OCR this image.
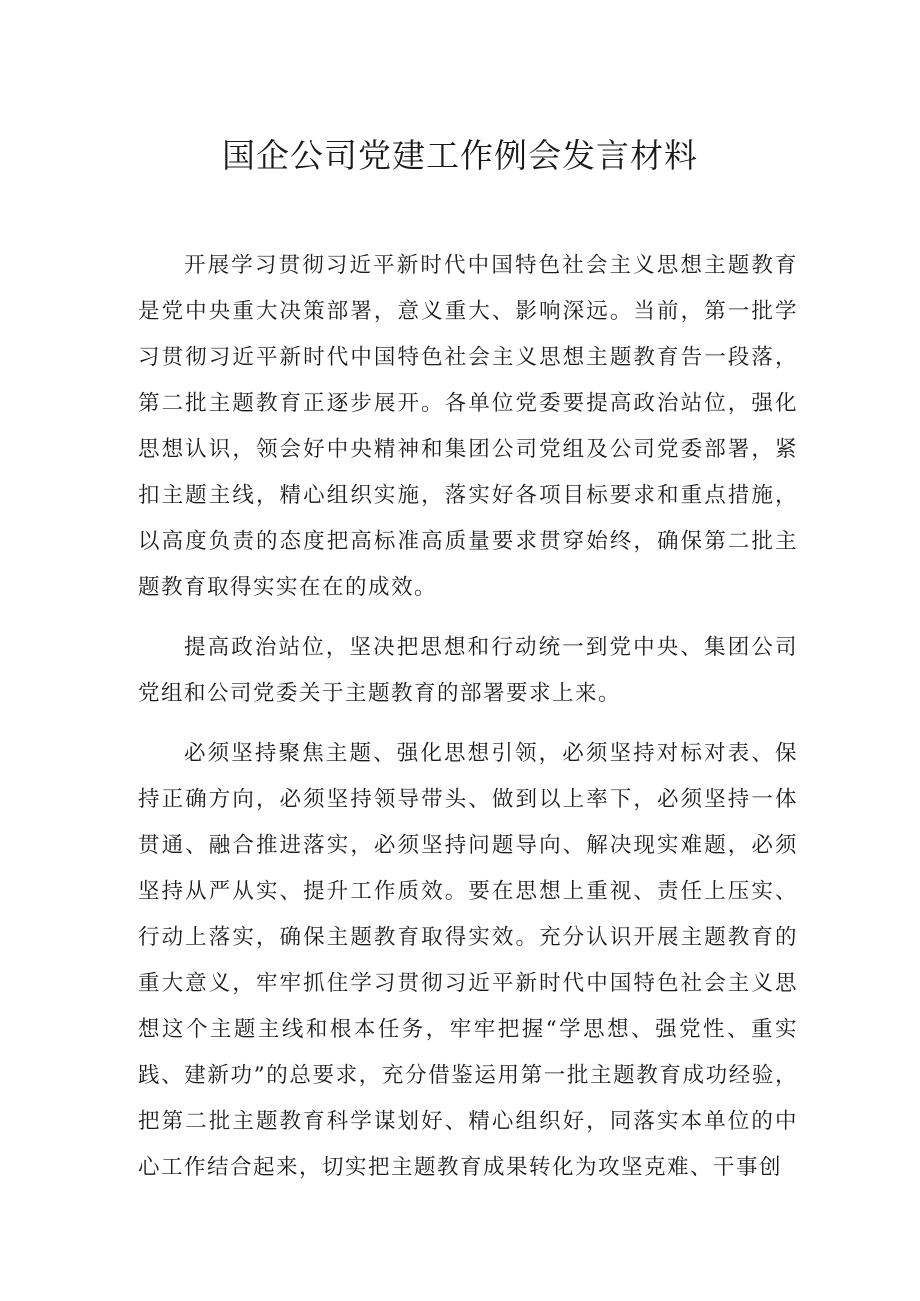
国企公司党建工作例会发言材料

开展学习贯彻习近平新时代中国特色社会主义思想主题教育是党中央重大决策部署，意义重大、影响深远。当前，第一批学习贯彻习近平新时代中国特色社会主义思想主题教育告一段落，第二批主题教育正逐步展开。各单位党委要提高政治站位，强化思想认识，领会好中央精神和集团公司党组及公司党委部署，紧扣主题主线，精心组织实施，落实好各项目标要求和重点措施，以高度负责的态度把高标准高质量要求贯穿始终，确保第二批主题教育取得实实在在的成效。

提高政治站位，坚决把思想和行动统一到党中央、集团公司党组和公司党委关于主题教育的部署要求上来。

必须坚持聚焦主题、强化思想引领，必须坚持对标对表、保持正确方向，必须坚持领导带头、做到以上率下，必须坚持一体贯通、融合推进落实，必须坚持问题导向、解决现实难题，必须坚持从严从实、提升工作质效。要在思想上重视、责任上压实、行动上落实，确保主题教育取得实效。充分认识开展主题教育的重大意义，牢牢抓住学习贯彻习近平新时代中国特色社会主义思想这个主题主线和根本任务，牢牢把握“学思想、强党性、重实践、建新功”的总要求，充分借鉴运用第一批主题教育成功经验，把第二批主题教育科学谋划好、精心组织好，同落实本单位的中心工作结合起来，切实把主题教育成果转化为攻坚克难、干事创
